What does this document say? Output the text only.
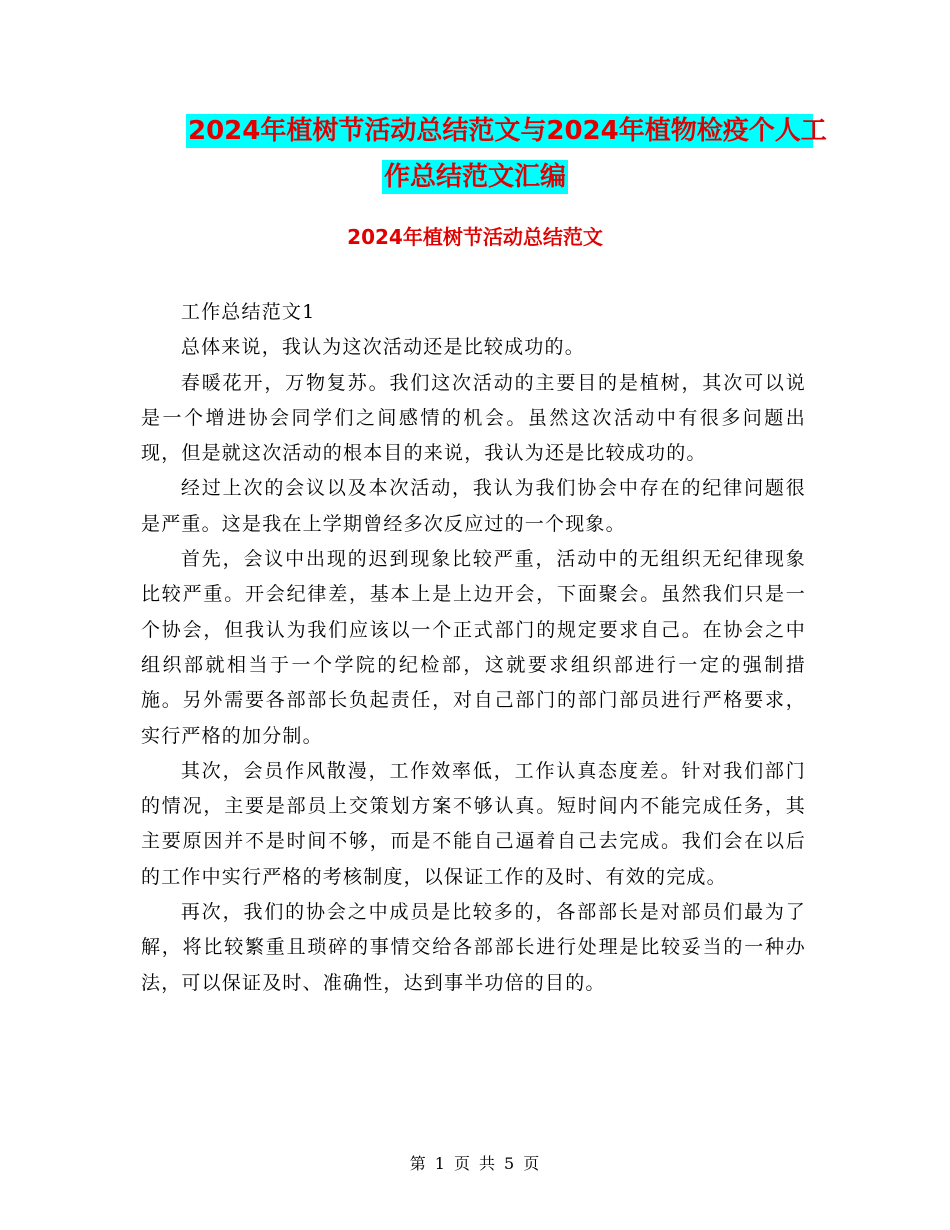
2024年植树节活动总结范文与2024年植物检疫个人工
作总结范文汇编
2024年植树节活动总结范文

工作总结范文1

总体来说，我认为这次活动还是比较成功的。

春暖花开，万物复苏。我们这次活动的主要目的是植树，其次可以说是一个增进协会同学们之间感情的机会。虽然这次活动中有很多问题出现，但是就这次活动的根本目的来说，我认为还是比较成功的。

经过上次的会议以及本次活动，我认为我们协会中存在的纪律问题很是严重。这是我在上学期曾经多次反应过的一个现象。

首先，会议中出现的迟到现象比较严重，活动中的无组织无纪律现象比较严重。开会纪律差，基本上是上边开会，下面聚会。虽然我们只是一个协会，但我认为我们应该以一个正式部门的规定要求自己。在协会之中组织部就相当于一个学院的纪检部，这就要求组织部进行一定的强制措施。另外需要各部部长负起责任，对自己部门的部门部员进行严格要求，实行严格的加分制。

其次，会员作风散漫，工作效率低，工作认真态度差。针对我们部门的情况，主要是部员上交策划方案不够认真。短时间内不能完成任务，其主要原因并不是时间不够，而是不能自己逼着自己去完成。我们会在以后的工作中实行严格的考核制度，以保证工作的及时、有效的完成。

再次，我们的协会之中成员是比较多的，各部部长是对部员们最为了解，将比较繁重且琐碎的事情交给各部部长进行处理是比较妥当的一种办法，可以保证及时、准确性，达到事半功倍的目的。

第 1 页 共 5 页
